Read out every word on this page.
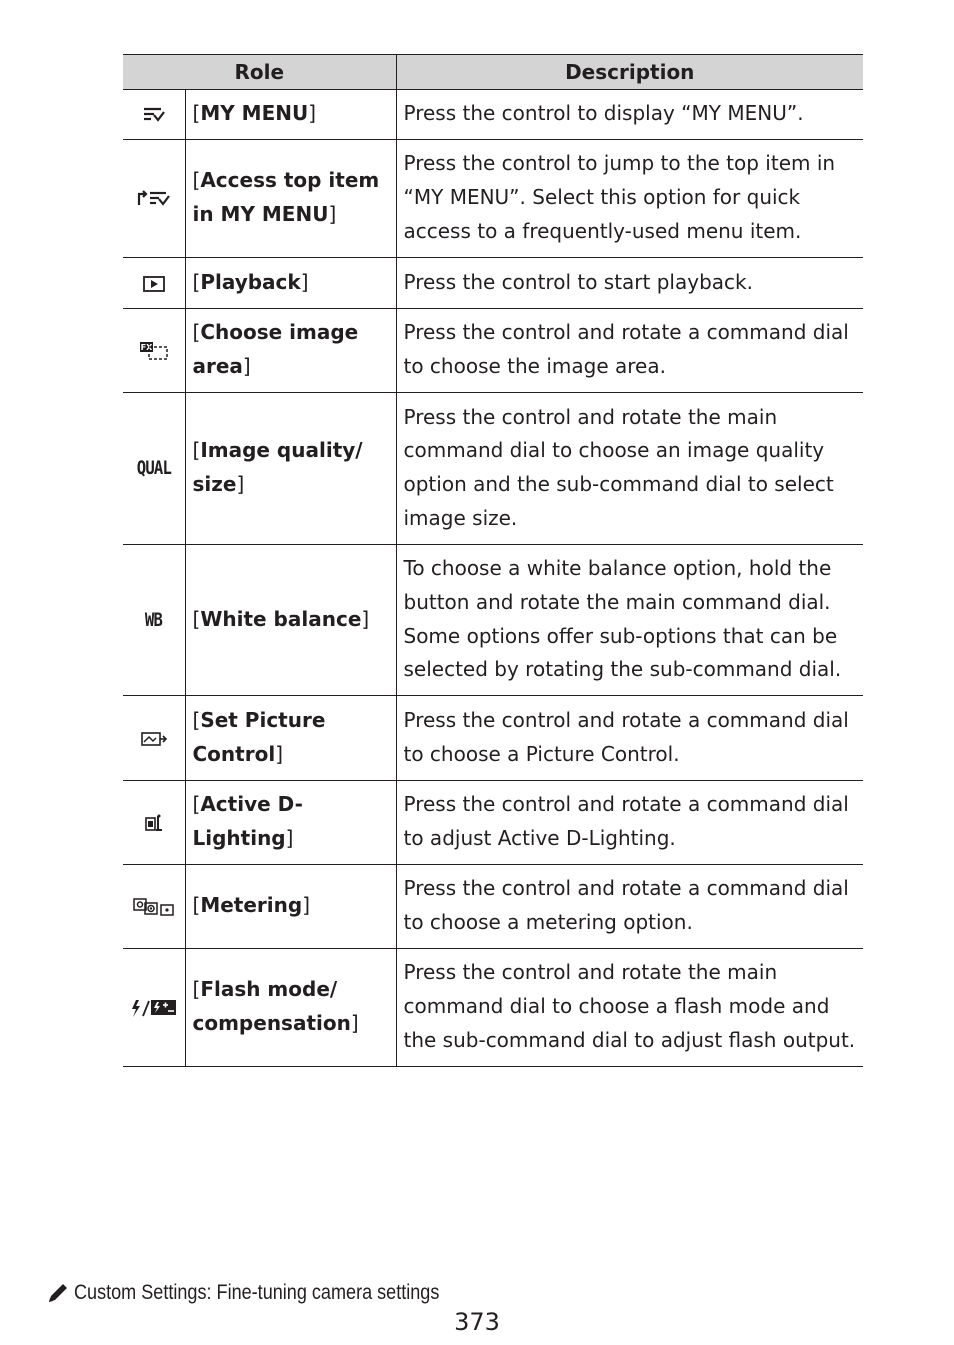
Role		Description
	[MY MENU]	Press the control to display “MY MENU”.
	[Access top item in MY MENU]	Press the control to jump to the top item in “MY MENU”. Select this option for quick access to a frequently-used menu item.
	[Playback]	Press the control to start playback.

FX	[Choose image area]	Press the control and rotate a command dial to choose the image area.
QUAL	[Image quality/ size]	Press the control and rotate the main command dial to choose an image quality option and the sub-command dial to select image size.
WB	[White balance]	To choose a white balance option, hold the button and rotate the main command dial. Some options offer sub-options that can be selected by rotating the sub-command dial.
	[Set Picture Control]	Press the control and rotate a command dial to choose a Picture Control.
	[Active D-Lighting]	Press the control and rotate a command dial to adjust Active D-Lighting.
	[Metering]	Press the control and rotate a command dial to choose a metering option.
	[Flash mode/ compensation]	Press the control and rotate the main command dial to choose a flash mode and the sub-command dial to adjust flash output.
Custom Settings: Fine-tuning camera settings
373
